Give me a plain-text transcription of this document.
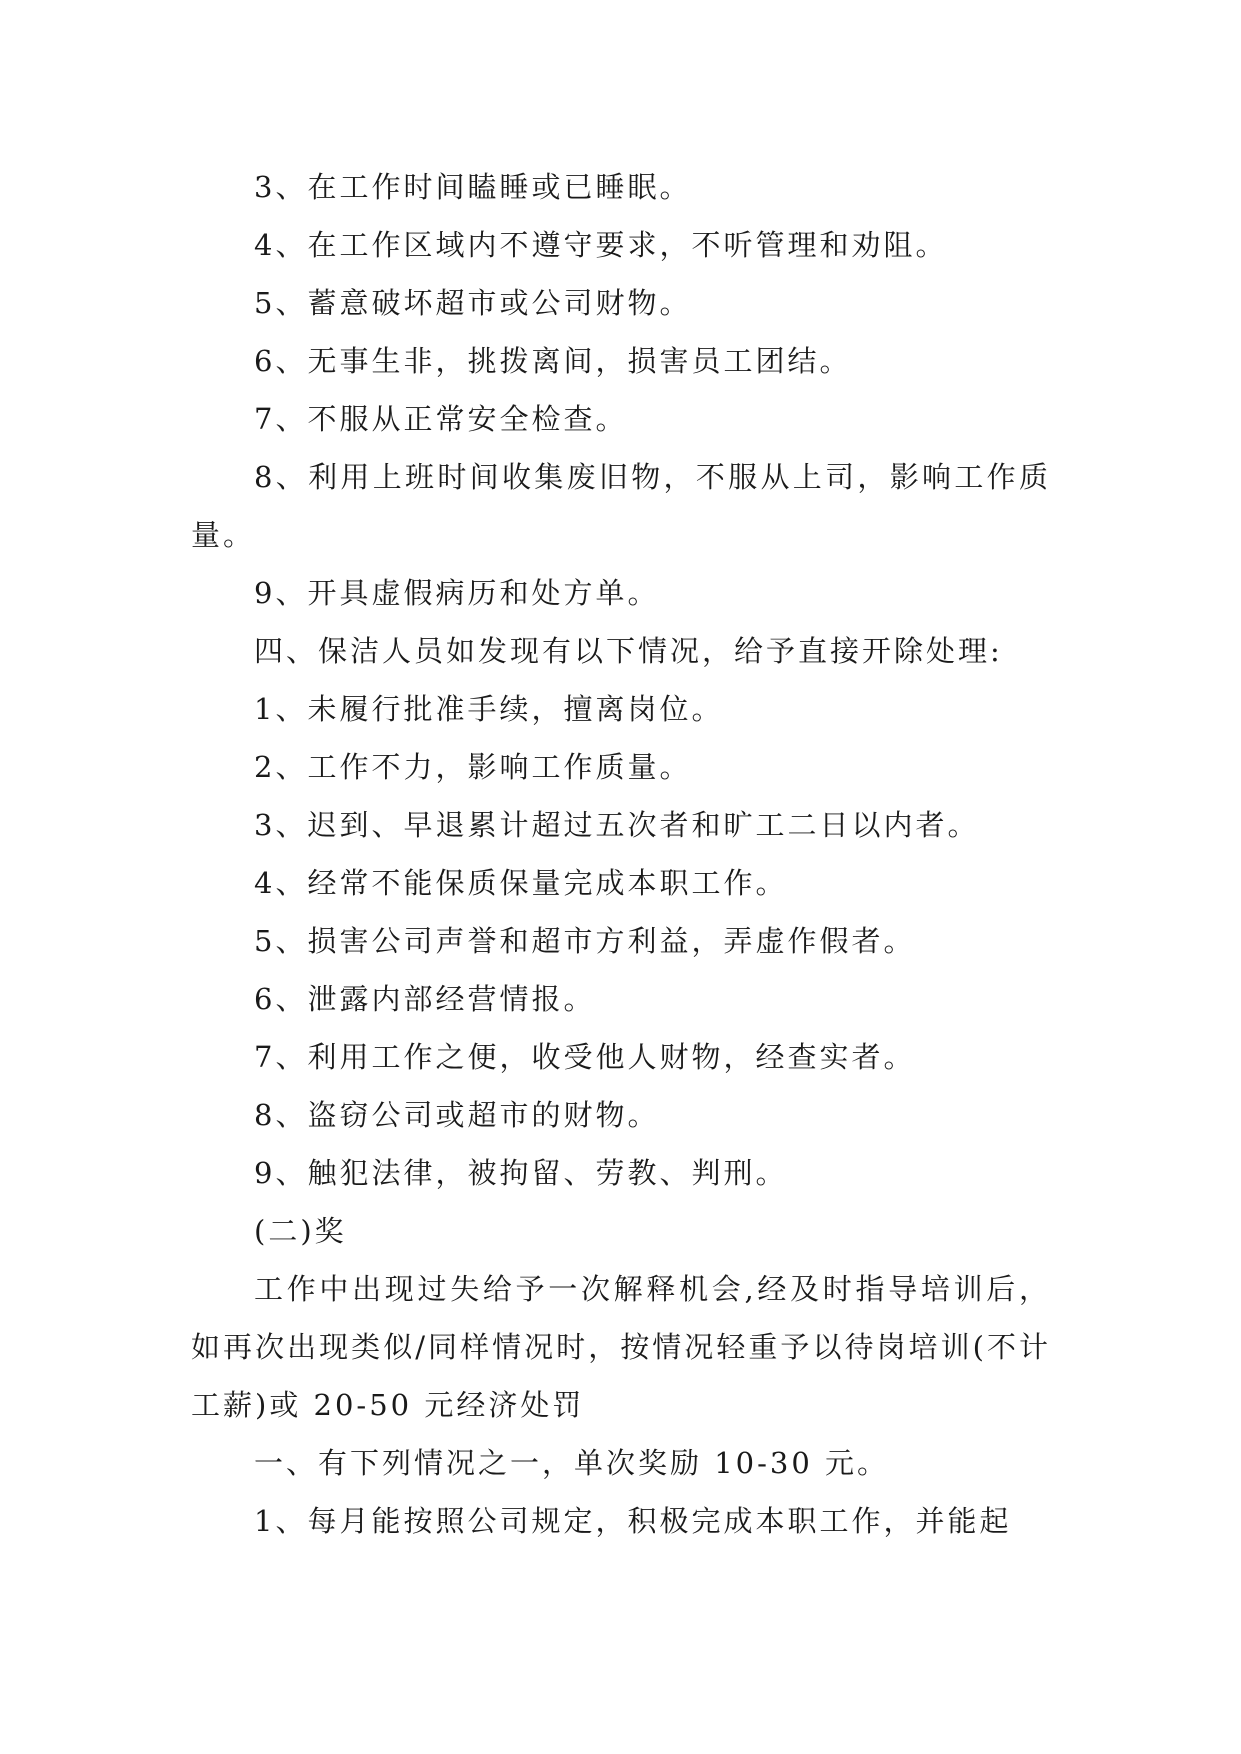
3、在工作时间瞌睡或已睡眠。

4、在工作区域内不遵守要求，不听管理和劝阻。

5、蓄意破坏超市或公司财物。

6、无事生非，挑拨离间，损害员工团结。

7、不服从正常安全检查。

8、利用上班时间收集废旧物，不服从上司，影响工作质量。

9、开具虚假病历和处方单。

四、保洁人员如发现有以下情况，给予直接开除处理:

1、未履行批准手续，擅离岗位。

2、工作不力，影响工作质量。

3、迟到、早退累计超过五次者和旷工二日以内者。

4、经常不能保质保量完成本职工作。

5、损害公司声誉和超市方利益，弄虚作假者。

6、泄露内部经营情报。

7、利用工作之便，收受他人财物，经查实者。

8、盗窃公司或超市的财物。

9、触犯法律，被拘留、劳教、判刑。

(二)奖

工作中出现过失给予一次解释机会,经及时指导培训后，如再次出现类似/同样情况时，按情况轻重予以待岗培训(不计工薪)或 20-50 元经济处罚

一、有下列情况之一，单次奖励 10-30 元。

1、每月能按照公司规定，积极完成本职工作，并能起
